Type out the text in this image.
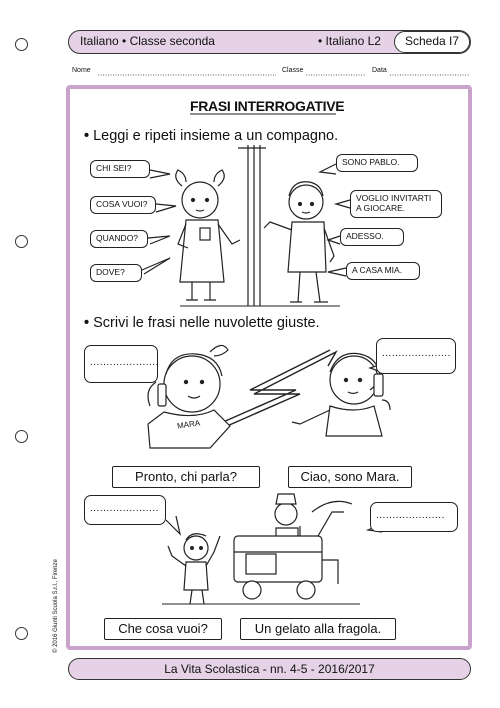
Italiano • Classe seconda	• Italiano L2	Scheda I7
Nome	Classe	Data
© 2016 Giunti Scuola S.r.l., Firenze
FRASI INTERROGATIVE
• Leggi e ripeti insieme a un compagno.
CHI SEI?
COSA VUOI?
QUANDO?
DOVE?
SONO PABLO.
VOGLIO INVITARTI A GIOCARE.
ADESSO.
A CASA MIA.
• Scrivi le frasi nelle nuvolette giuste.
.....................
.....................
.....................
.....................
MARA
Pronto, chi parla?	Ciao, sono Mara.
Che cosa vuoi?	Un gelato alla fragola.
La Vita Scolastica - nn. 4-5 - 2016/2017
